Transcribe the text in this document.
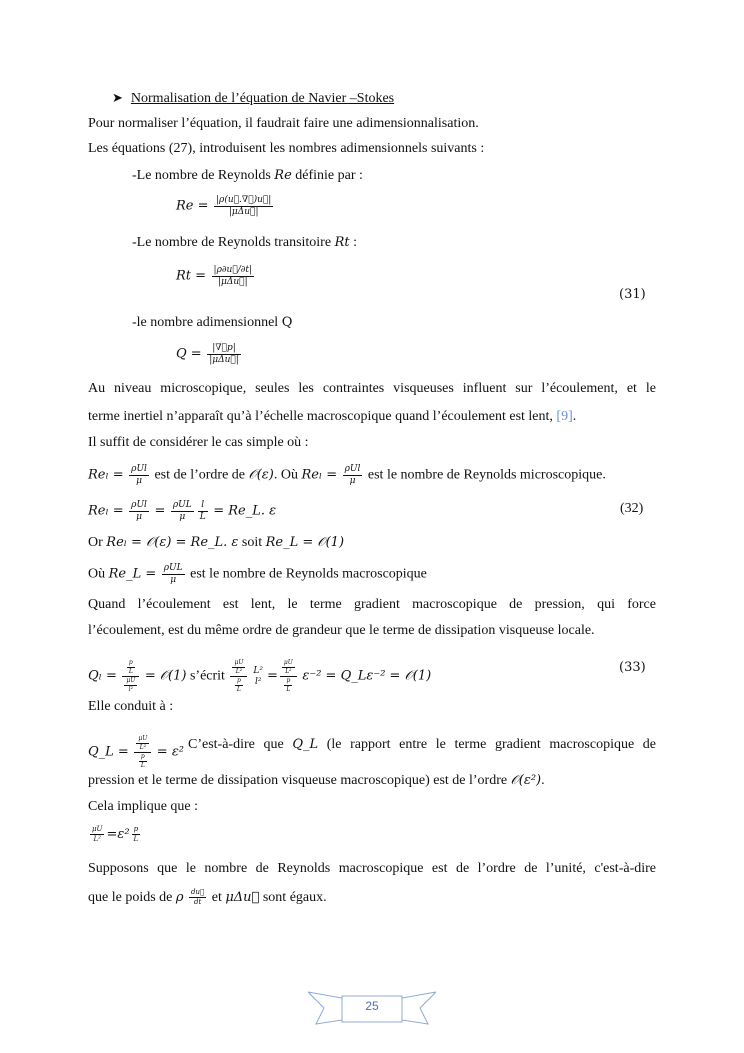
➤ Normalisation de l’équation de Navier –Stokes
Pour normaliser l’équation, il faudrait faire une adimensionnalisation.
Les équations (27), introduisent les nombres adimensionnels suivants :
-Le nombre de Reynolds Re définie par :
$Re = \frac{|\rho(u⃗.\nabla⃗)u⃗|}{\text{|μΔu⃗|}}$
-Le nombre de Reynolds transitoire Rt :
$Rt = \frac{|\rho\partial u⃗/\partial t|}{\text{|μΔu⃗|}}$
(31)
-le nombre adimensionnel Q
$Q = \frac{|\nabla⃗p|}{\text{|μΔu⃗|}}$
Au niveau microscopique, seules les contraintes visqueuses influent sur l’écoulement, et le
terme inertiel n’apparaît qu’à l’échelle macroscopique quand l’écoulement est lent, [9].
Il suffit de considérer le cas simple où :
$Re_l = \frac{\text{ρUl}}{\mu}$ est de l’ordre de 𝒪(ε). Où $Re_l = \frac{\text{ρUl}}{\mu}$ est le nombre de Reynolds microscopique.
$Re_l = \frac{\text{ρUl}}{\mu} = \frac{\text{ρUL}}{\mu} \frac{l}{L}$ = Re_L. ε	(32)
Or Reₗ = 𝒪(ε) = Re_L. ε soit Re_L = 𝒪(1)
Où Re_L = $\frac{\text{ρUL}}{\mu}$ est le nombre de Reynolds macroscopique
Quand l’écoulement est lent, le terme gradient macroscopique de pression, qui force
l’écoulement, est du même ordre de grandeur que le terme de dissipation visqueuse locale.
$Q_l = \frac{\frac{p}{L}}{\frac{\mu U}{\text{l²}}}$ = 𝒪(1) s’écrit $\frac{\frac{\mu U}{\text{L²}}}{\frac{p}{L}} L^2$
$l^2 = \frac{\frac{\mu U}{\text{L²}}}{\frac{p}{L}} \varepsilon^{-2}$ = Q_Lε⁻² = 𝒪(1)
(33)
Elle conduit à :
Q_L = $\frac{\frac{\mu U}{\text{L²}}}{\frac{p}{L}} = \varepsilon^2$
C’est-à-dire que Q_L (le rapport entre le terme gradient macroscopique de
pression et le terme de dissipation visqueuse macroscopique) est de l’ordre 𝒪(ε²).
Cela implique que :
$\frac{\mu U}{\text{L²}} =\varepsilon^2 \frac{p}{L}$
Supposons que le nombre de Reynolds macroscopique est de l’ordre de l’unité, c'est-à-dire
que le poids de ρ $\frac{du⃗}{dt}$ et μΔu⃗ sont égaux.
25
